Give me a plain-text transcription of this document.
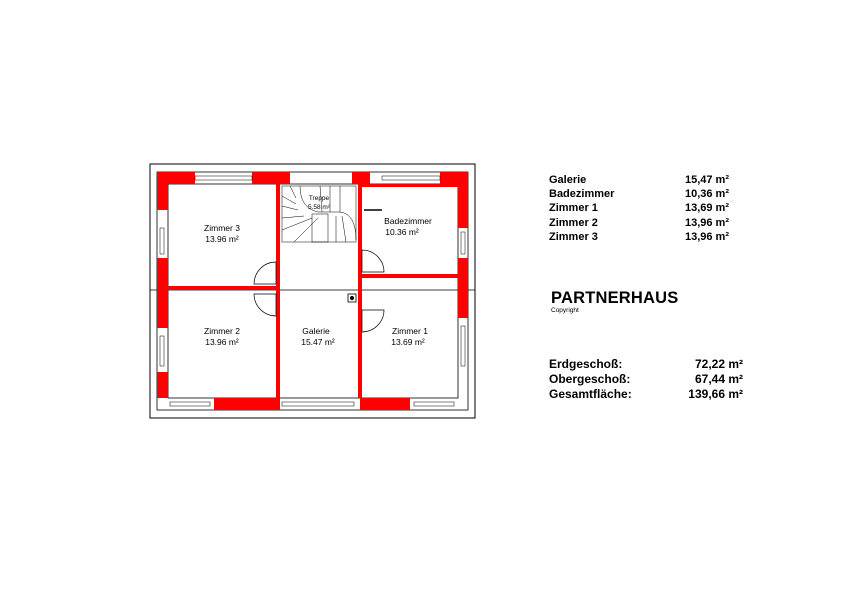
Zimmer 3
13.96 m²
Treppe
5.58 m²
Badezimmer
10.36 m²
Zimmer 2
13.96 m²
Galerie
15.47 m²
Zimmer 1
13.69 m²
Galerie	15,47 m²
Badezimmer	10,36 m²
Zimmer 1	13,69 m²
Zimmer 2	13,96 m²
Zimmer 3	13,96 m²
PARTNERHAUS
Copyright
Erdgeschoß:	72,22 m²
Obergeschoß:	67,44 m²
Gesamtfläche:	139,66 m²
